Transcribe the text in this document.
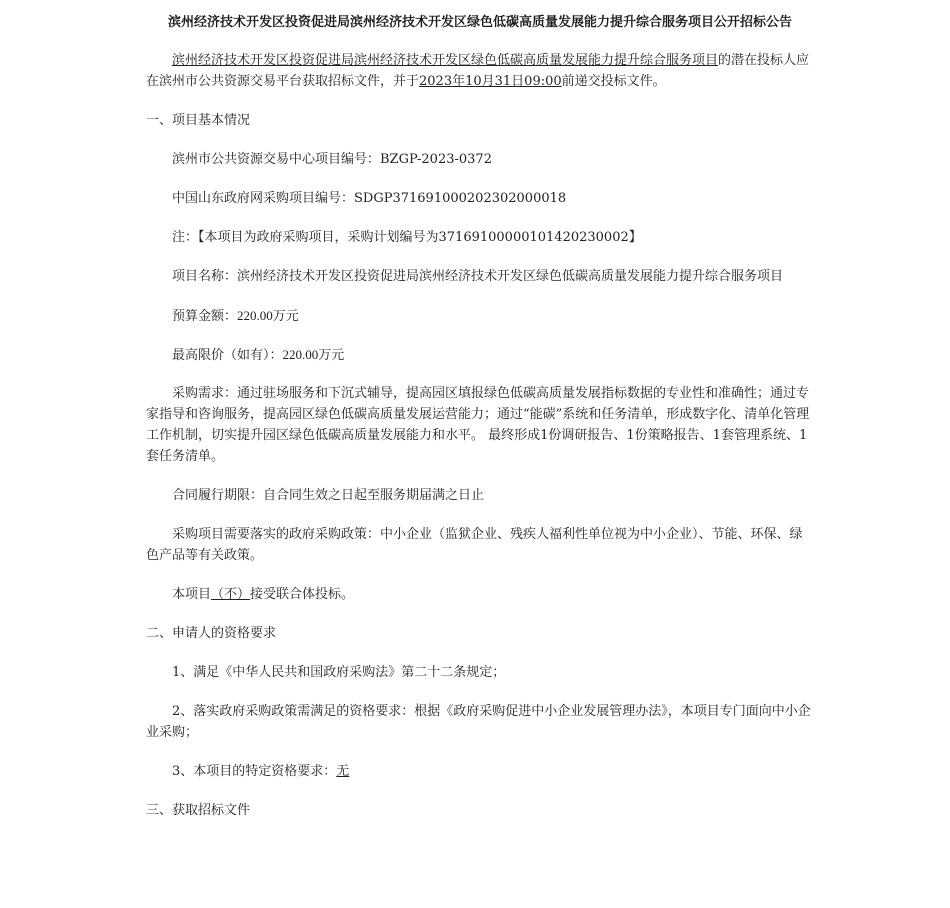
滨州经济技术开发区投资促进局滨州经济技术开发区绿色低碳高质量发展能力提升综合服务项目公开招标公告

滨州经济技术开发区投资促进局滨州经济技术开发区绿色低碳高质量发展能力提升综合服务项目的潜在投标人应在滨州市公共资源交易平台获取招标文件，并于2023年10月31日09:00前递交投标文件。

一、项目基本情况

滨州市公共资源交易中心项目编号：BZGP-2023-0372

中国山东政府网采购项目编号：SDGP371691000202302000018

注：【本项目为政府采购项目，采购计划编号为37169100000101420230002】

项目名称：滨州经济技术开发区投资促进局滨州经济技术开发区绿色低碳高质量发展能力提升综合服务项目

预算金额：220.00万元

最高限价（如有）：220.00万元

采购需求：通过驻场服务和下沉式辅导，提高园区填报绿色低碳高质量发展指标数据的专业性和准确性；通过专家指导和咨询服务，提高园区绿色低碳高质量发展运营能力；通过“能碳”系统和任务清单，形成数字化、清单化管理工作机制，切实提升园区绿色低碳高质量发展能力和水平。 最终形成1份调研报告、1份策略报告、1套管理系统、1套任务清单。

合同履行期限：自合同生效之日起至服务期届满之日止

采购项目需要落实的政府采购政策：中小企业（监狱企业、残疾人福利性单位视为中小企业）、节能、环保、绿色产品等有关政策。

本项目（不）接受联合体投标。

二、申请人的资格要求

1、满足《中华人民共和国政府采购法》第二十二条规定；

2、落实政府采购政策需满足的资格要求：根据《政府采购促进中小企业发展管理办法》，本项目专门面向中小企业采购；

3、本项目的特定资格要求：无

三、获取招标文件
